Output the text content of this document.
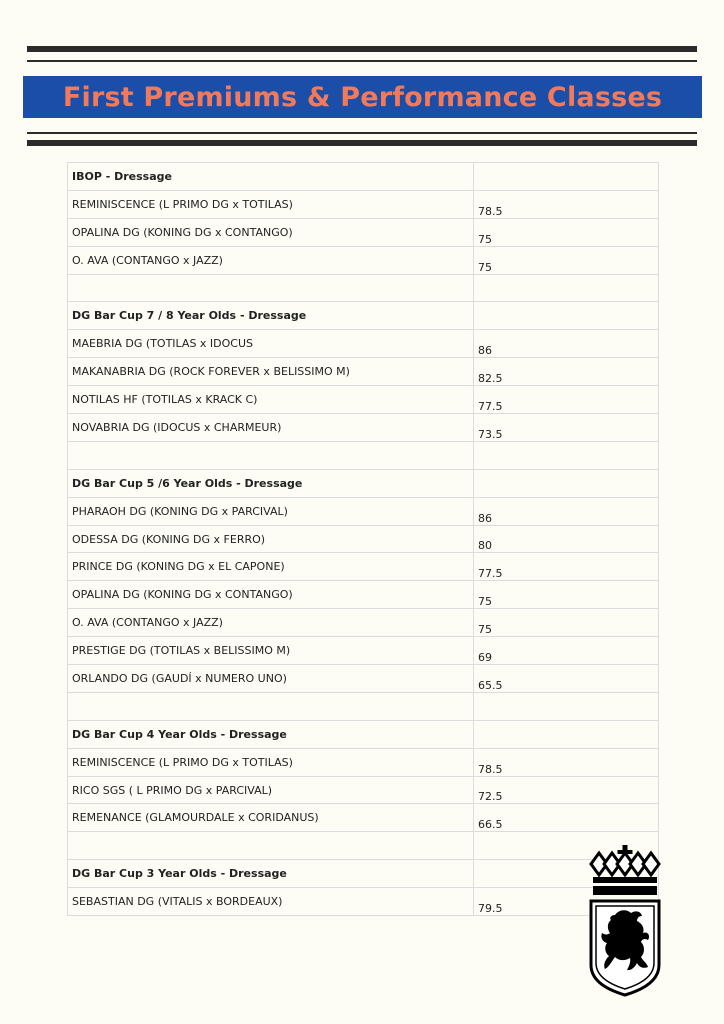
First Premiums & Performance Classes
IBOP - Dressage	
REMINISCENCE (L PRIMO DG x TOTILAS)	78.5
OPALINA DG (KONING DG x CONTANGO)	75
O. AVA (CONTANGO x JAZZ)	75

DG Bar Cup 7 / 8 Year Olds - Dressage	
MAEBRIA DG (TOTILAS x IDOCUS	86
MAKANABRIA DG (ROCK FOREVER x BELISSIMO M)	82.5
NOTILAS HF (TOTILAS x KRACK C)	77.5
NOVABRIA DG (IDOCUS x CHARMEUR)	73.5

DG Bar Cup 5 /6 Year Olds - Dressage	
PHARAOH DG (KONING DG x PARCIVAL)	86
ODESSA DG (KONING DG x FERRO)	80
PRINCE DG (KONING DG x EL CAPONE)	77.5
OPALINA DG (KONING DG x CONTANGO)	75
O. AVA (CONTANGO x JAZZ)	75
PRESTIGE DG (TOTILAS x BELISSIMO M)	69
ORLANDO DG (GAUDÍ x NUMERO UNO)	65.5

DG Bar Cup 4 Year Olds - Dressage	
REMINISCENCE (L PRIMO DG x TOTILAS)	78.5
RICO SGS ( L PRIMO DG x PARCIVAL)	72.5
REMENANCE (GLAMOURDALE x CORIDANUS)	66.5

DG Bar Cup 3 Year Olds - Dressage	
SEBASTIAN DG (VITALIS x BORDEAUX)	79.5
